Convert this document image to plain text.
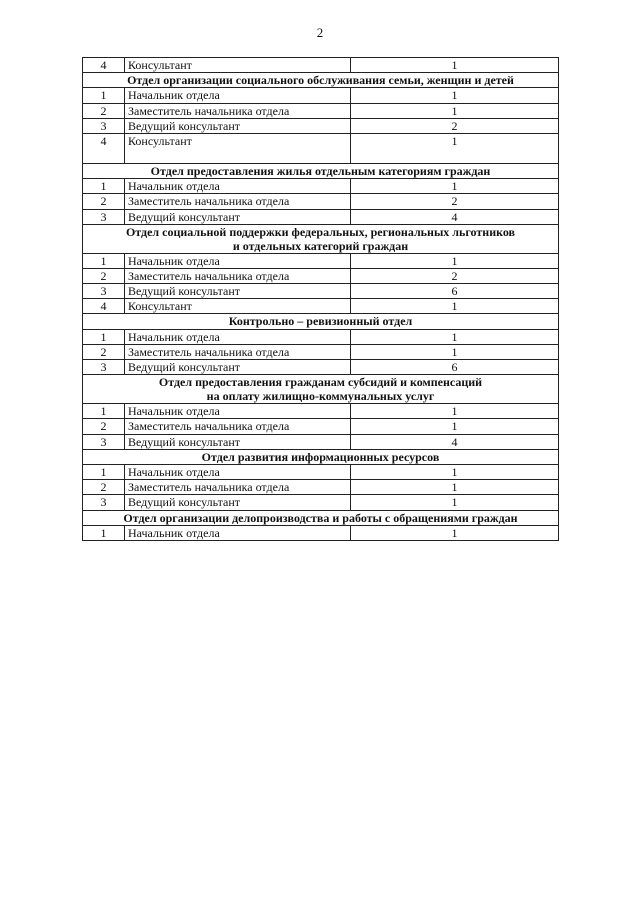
2
4	Консультант	1

Отдел организации социального обслуживания семьи, женщин и детей		

1	Начальник отдела	1
2	Заместитель начальника отдела	1
3	Ведущий консультант	2
4	Консультант	1

Отдел предоставления жилья отдельным категориям граждан		

1	Начальник отдела	1
2	Заместитель начальника отдела	2
3	Ведущий консультант	4

Отдел социальной поддержки федеральных, региональных льготников
и отдельных категорий граждан		

1	Начальник отдела	1
2	Заместитель начальника отдела	2
3	Ведущий консультант	6
4	Консультант	1

Контрольно – ревизионный отдел		

1	Начальник отдела	1
2	Заместитель начальника отдела	1
3	Ведущий консультант	6

Отдел предоставления гражданам субсидий и компенсаций
на оплату жилищно-коммунальных услуг		

1	Начальник отдела	1
2	Заместитель начальника отдела	1
3	Ведущий консультант	4

Отдел развития информационных ресурсов		

1	Начальник отдела	1
2	Заместитель начальника отдела	1
3	Ведущий консультант	1

Отдел организации делопроизводства и работы с обращениями граждан		

1	Начальник отдела	1
